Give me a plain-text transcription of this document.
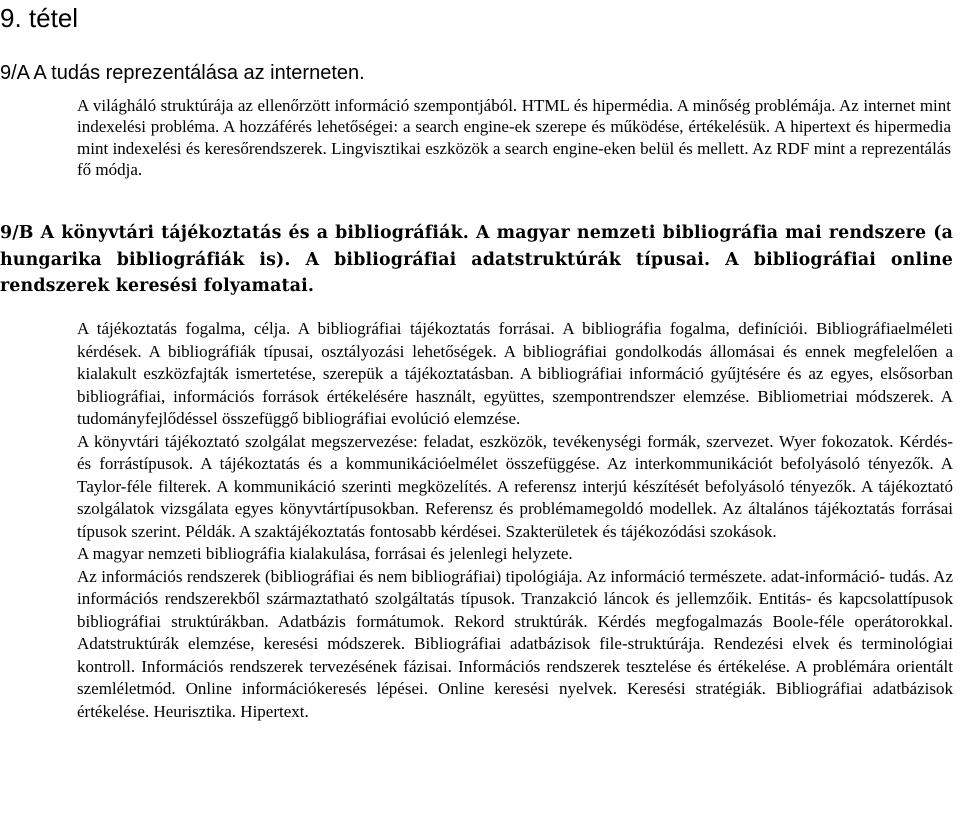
9. tétel
9/A A tudás reprezentálása az interneten.

A világháló struktúrája az ellenőrzött információ szempontjából. HTML és hipermédia. A minőség problémája. Az internet mint indexelési probléma. A hozzáférés lehetőségei: a search engine-ek szerepe és működése, értékelésük. A hipertext és hipermedia mint indexelési és keresőrendszerek. Lingvisztikai eszközök a search engine-eken belül és mellett. Az RDF mint a reprezentálás fő módja.

9/B A könyvtári tájékoztatás és a bibliográfiák. A magyar nemzeti bibliográfia mai rendszere (a hungarika bibliográfiák is). A bibliográfiai adatstruktúrák típusai. A bibliográfiai online rendszerek keresési folyamatai.

A tájékoztatás fogalma, célja. A bibliográfiai tájékoztatás forrásai. A bibliográfia fogalma, definíciói. Bibliográfiaelméleti kérdések. A bibliográfiák típusai, osztályozási lehetőségek. A bibliográfiai gondolkodás állomásai és ennek megfelelően a kialakult eszközfajták ismertetése, szerepük a tájékoztatásban. A bibliográfiai információ gyűjtésére és az egyes, elsősorban bibliográfiai, információs források értékelésére használt, együttes, szempontrendszer elemzése. Bibliometriai módszerek. A tudományfejlődéssel összefüggő bibliográfiai evolúció elemzése.

A könyvtári tájékoztató szolgálat megszervezése: feladat, eszközök, tevékenységi formák, szervezet. Wyer fokozatok. Kérdés- és forrástípusok. A tájékoztatás és a kommunikációelmélet összefüggése. Az interkommunikációt befolyásoló tényezők. A Taylor-féle filterek. A kommunikáció szerinti megközelítés. A referensz interjú készítését befolyásoló tényezők. A tájékoztató szolgálatok vizsgálata egyes könyvtártípusokban. Referensz és problémamegoldó modellek. Az általános tájékoztatás forrásai típusok szerint. Példák. A szaktájékoztatás fontosabb kérdései. Szakterületek és tájékozódási szokások.

A magyar nemzeti bibliográfia kialakulása, forrásai és jelenlegi helyzete.

Az információs rendszerek (bibliográfiai és nem bibliográfiai) tipológiája. Az információ természete. adat-információ- tudás. Az információs rendszerekből származtatható szolgáltatás típusok. Tranzakció láncok és jellemzőik. Entitás- és kapcsolattípusok bibliográfiai struktúrákban. Adatbázis formátumok. Rekord struktúrák. Kérdés megfogalmazás Boole-féle operátorokkal. Adatstruktúrák elemzése, keresési módszerek. Bibliográfiai adatbázisok file-struktúrája. Rendezési elvek és terminológiai kontroll. Információs rendszerek tervezésének fázisai. Információs rendszerek tesztelése és értékelése. A problémára orientált szemléletmód. Online információkeresés lépései. Online keresési nyelvek. Keresési stratégiák. Bibliográfiai adatbázisok értékelése. Heurisztika. Hipertext.
